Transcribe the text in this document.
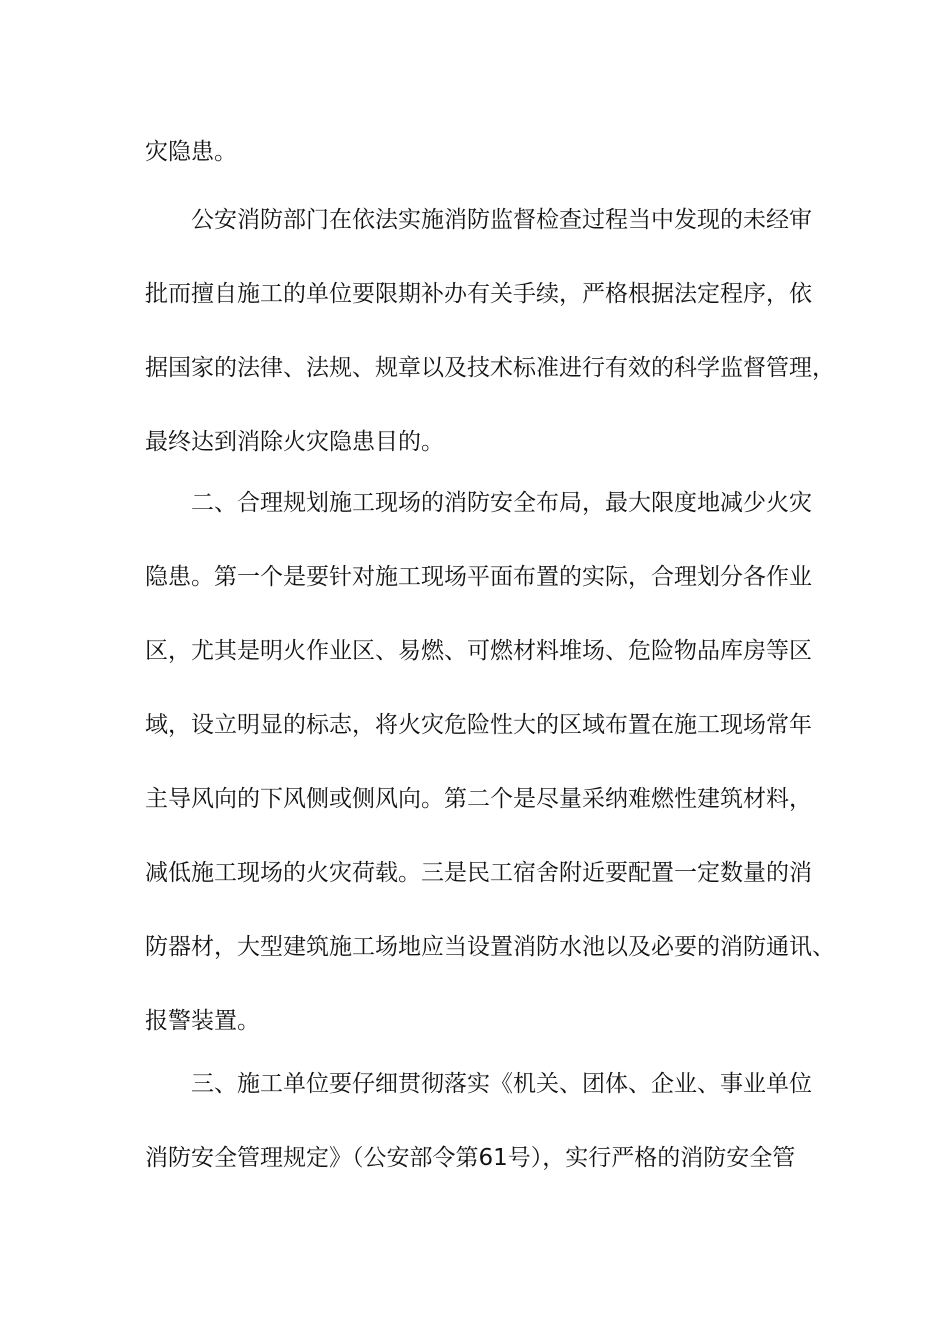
灾隐患。
公安消防部门在依法实施消防监督检查过程当中发现的未经审
批而擅自施工的单位要限期补办有关手续，严格根据法定程序，依
据国家的法律、法规、规章以及技术标准进行有效的科学监督管理，
最终达到消除火灾隐患目的。
二、合理规划施工现场的消防安全布局，最大限度地减少火灾
隐患。第一个是要针对施工现场平面布置的实际，合理划分各作业
区，尤其是明火作业区、易燃、可燃材料堆场、危险物品库房等区
域，设立明显的标志，将火灾危险性大的区域布置在施工现场常年
主导风向的下风侧或侧风向。第二个是尽量采纳难燃性建筑材料，
减低施工现场的火灾荷载。三是民工宿舍附近要配置一定数量的消
防器材，大型建筑施工场地应当设置消防水池以及必要的消防通讯、
报警装置。
三、施工单位要仔细贯彻落实《机关、团体、企业、事业单位
消防安全管理规定》（公安部令第61号），实行严格的消防安全管
